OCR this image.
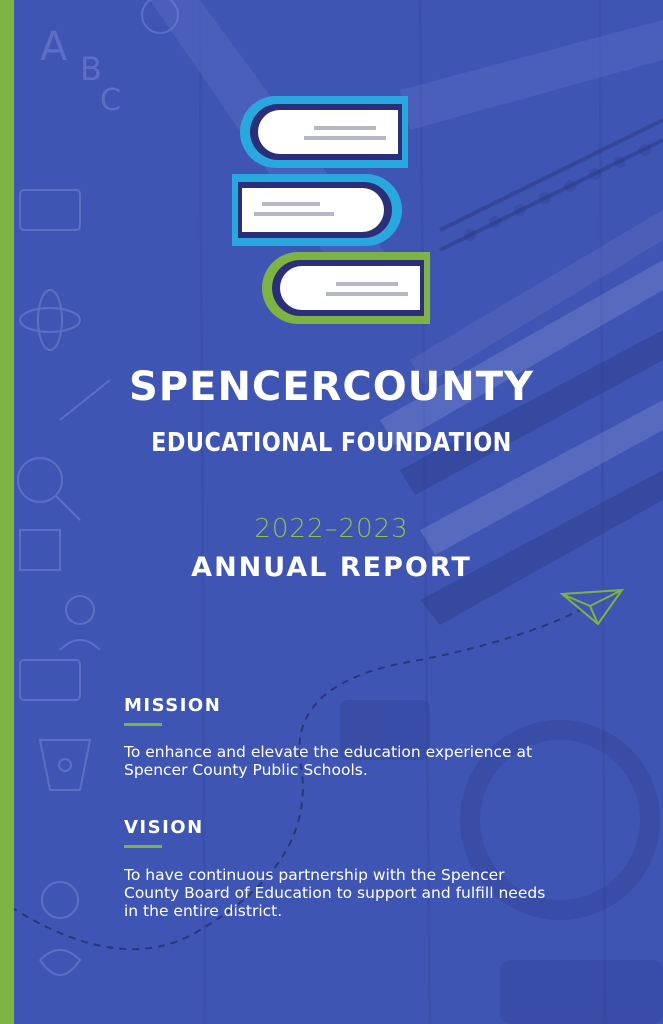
A B
C
SPENCERCOUNTY
EDUCATIONAL FOUNDATION
2022–2023
ANNUAL REPORT
MISSION
To enhance and elevate the education experience at Spencer County Public Schools.
VISION
To have continuous partnership with the Spencer County Board of Education to support and fulfill needs in the entire district.
